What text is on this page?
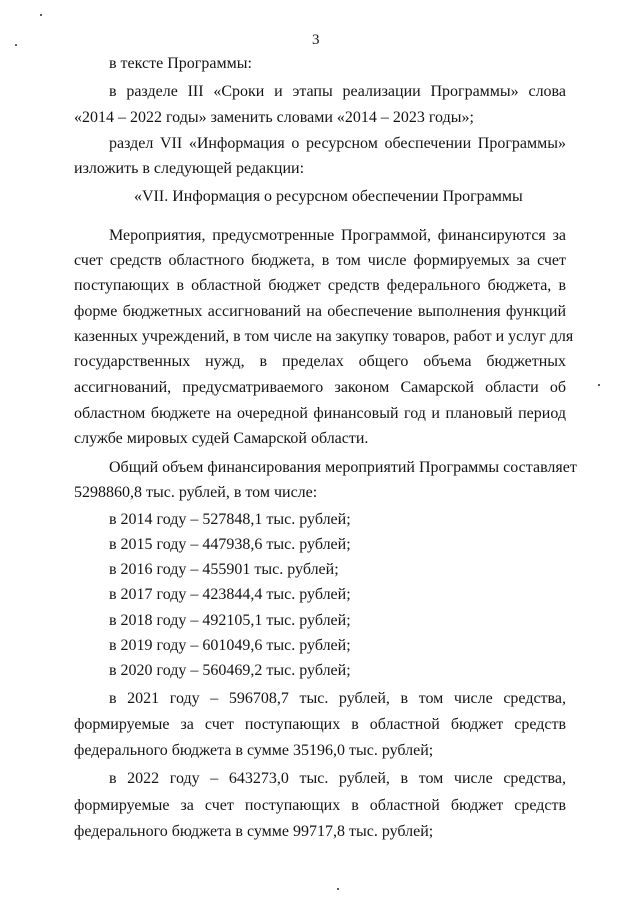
3
в тексте Программы:
в разделе III «Сроки и этапы реализации Программы» слова
«2014 – 2022 годы» заменить словами «2014 – 2023 годы»;
раздел VII «Информация о ресурсном обеспечении Программы»
изложить в следующей редакции:
«VII. Информация о ресурсном обеспечении Программы
Мероприятия, предусмотренные Программой, финансируются за
счет средств областного бюджета, в том числе формируемых за счет
поступающих в областной бюджет средств федерального бюджета, в
форме бюджетных ассигнований на обеспечение выполнения функций
казенных учреждений, в том числе на закупку товаров, работ и услуг для
государственных нужд, в пределах общего объема бюджетных
ассигнований, предусматриваемого законом Самарской области об
областном бюджете на очередной финансовый год и плановый период
службе мировых судей Самарской области.
Общий объем финансирования мероприятий Программы составляет
5298860,8 тыс. рублей, в том числе:
в 2014 году – 527848,1 тыс. рублей;
в 2015 году – 447938,6 тыс. рублей;
в 2016 году – 455901 тыс. рублей;
в 2017 году – 423844,4 тыс. рублей;
в 2018 году – 492105,1 тыс. рублей;
в 2019 году – 601049,6 тыс. рублей;
в 2020 году – 560469,2 тыс. рублей;
в 2021 году – 596708,7 тыс. рублей, в том числе средства,
формируемые за счет поступающих в областной бюджет средств
федерального бюджета в сумме 35196,0 тыс. рублей;
в 2022 году – 643273,0 тыс. рублей, в том числе средства,
формируемые за счет поступающих в областной бюджет средств
федерального бюджета в сумме 99717,8 тыс. рублей;
